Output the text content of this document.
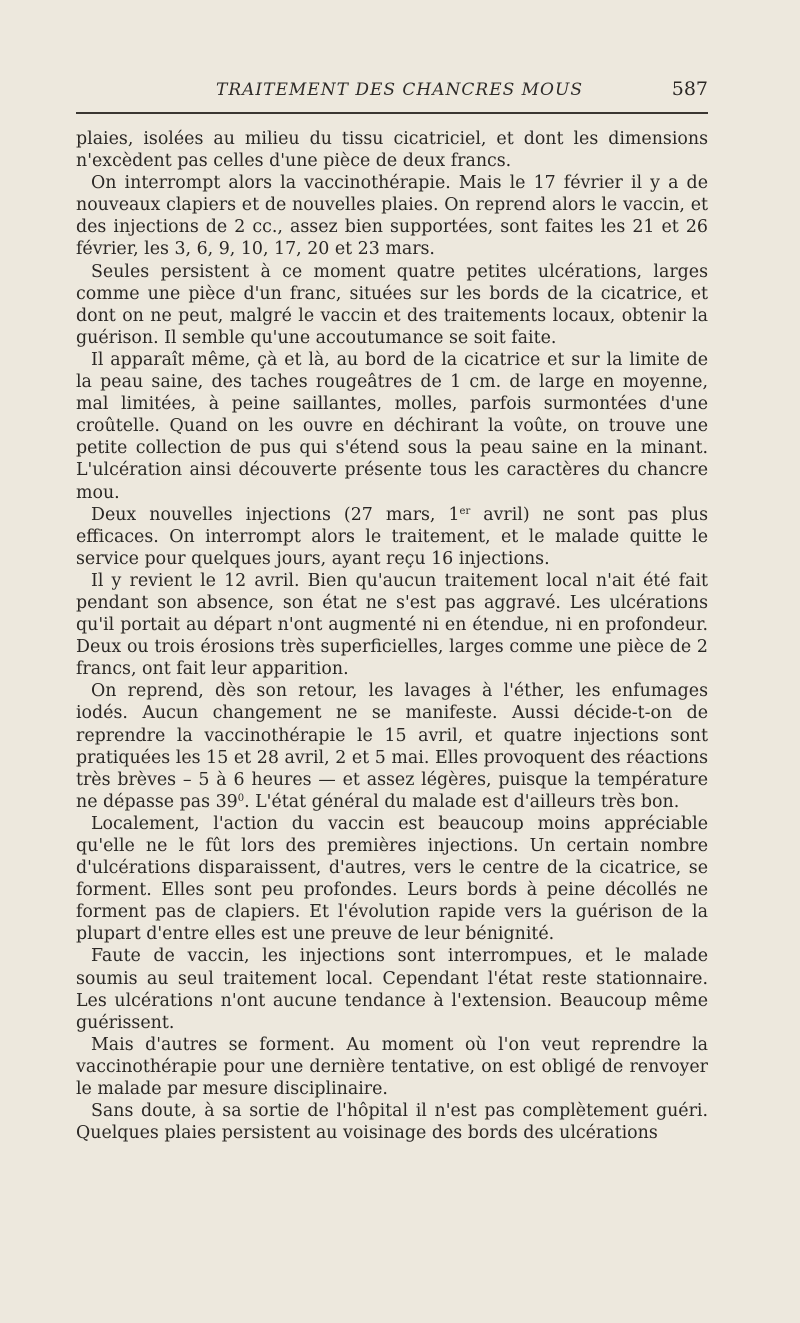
TRAITEMENT DES CHANCRES MOUS	587

plaies, isolées au milieu du tissu cicatriciel, et dont les dimensions n'excèdent pas celles d'une pièce de deux francs.

On interrompt alors la vaccinothérapie. Mais le 17 février il y a de nouveaux clapiers et de nouvelles plaies. On reprend alors le vaccin, et des injections de 2 cc., assez bien supportées, sont faites les 21 et 26 février, les 3, 6, 9, 10, 17, 20 et 23 mars.

Seules persistent à ce moment quatre petites ulcérations, larges comme une pièce d'un franc, situées sur les bords de la cicatrice, et dont on ne peut, malgré le vaccin et des traitements locaux, obtenir la guérison. Il semble qu'une accoutumance se soit faite.

Il apparaît même, çà et là, au bord de la cicatrice et sur la limite de la peau saine, des taches rougeâtres de 1 cm. de large en moyenne, mal limitées, à peine saillantes, molles, parfois surmontées d'une croûtelle. Quand on les ouvre en déchirant la voûte, on trouve une petite collection de pus qui s'étend sous la peau saine en la minant. L'ulcération ainsi découverte présente tous les caractères du chancre mou.

Deux nouvelles injections (27 mars, 1er avril) ne sont pas plus efficaces. On interrompt alors le traitement, et le malade quitte le service pour quelques jours, ayant reçu 16 injections.

Il y revient le 12 avril. Bien qu'aucun traitement local n'ait été fait pendant son absence, son état ne s'est pas aggravé. Les ulcérations qu'il portait au départ n'ont augmenté ni en étendue, ni en profondeur. Deux ou trois érosions très superficielles, larges comme une pièce de 2 francs, ont fait leur apparition.

On reprend, dès son retour, les lavages à l'éther, les enfumages iodés. Aucun changement ne se manifeste. Aussi décide-t-on de reprendre la vaccinothérapie le 15 avril, et quatre injections sont pratiquées les 15 et 28 avril, 2 et 5 mai. Elles provoquent des réactions très brèves – 5 à 6 heures — et assez légères, puisque la température ne dépasse pas $39^0$. L'état général du malade est d'ailleurs très bon.

Localement, l'action du vaccin est beaucoup moins appréciable qu'elle ne le fût lors des premières injections. Un certain nombre d'ulcérations disparaissent, d'autres, vers le centre de la cicatrice, se forment. Elles sont peu profondes. Leurs bords à peine décollés ne forment pas de clapiers. Et l'évolution rapide vers la guérison de la plupart d'entre elles est une preuve de leur bénignité.

Faute de vaccin, les injections sont interrompues, et le malade soumis au seul traitement local. Cependant l'état reste stationnaire. Les ulcérations n'ont aucune tendance à l'extension. Beaucoup même guérissent.

Mais d'autres se forment. Au moment où l'on veut reprendre la vaccinothérapie pour une dernière tentative, on est obligé de renvoyer le malade par mesure disciplinaire.

Sans doute, à sa sortie de l'hôpital il n'est pas complètement guéri. Quelques plaies persistent au voisinage des bords des ulcérations
